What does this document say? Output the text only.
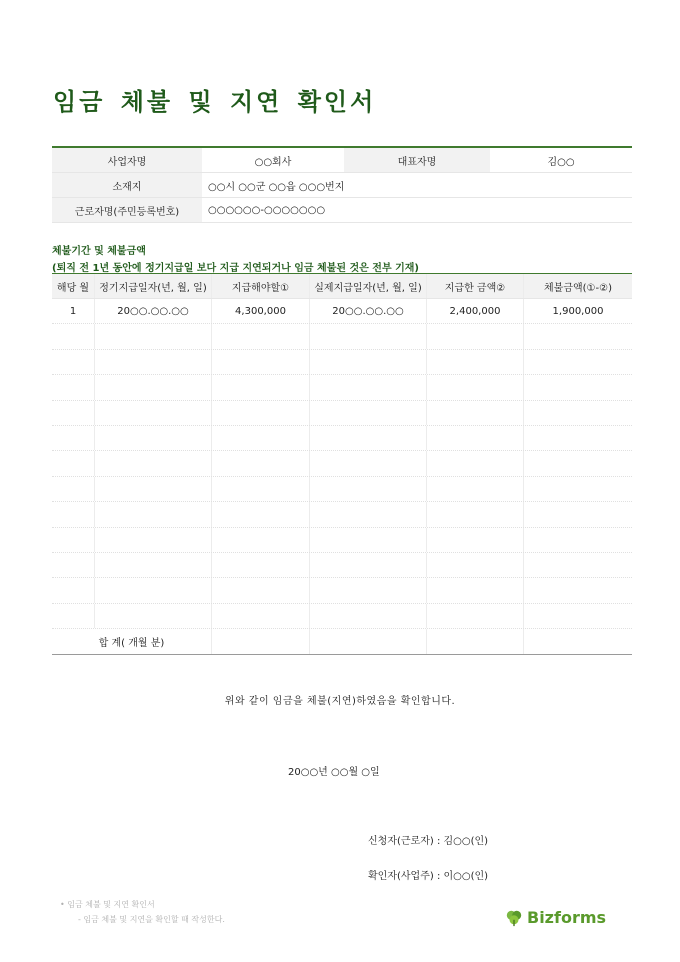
임금 체불 및 지연 확인서
사업자명	○○회사	대표자명	김○○
소재지	○○시 ○○군 ○○읍 ○○○번지
근로자명(주민등록번호)	○○○○○○-○○○○○○○
체불기간 및 체불금액
(퇴직 전 1년 동안에 정기지급일 보다 지급 지연되거나 임금 체불된 것은 전부 기재)
해당 월	정기지급일자(년, 월, 일)	지급해야할①	실제지급일자(년, 월, 일)	지급한 금액②	체불금액(①-②)
1	20○○.○○.○○	4,300,000	20○○.○○.○○	2,400,000	1,900,000
합 계( 개월 분)
위와 같이 임금을 체불(지연)하였음을 확인합니다.
20○○년 ○○월 ○일
신청자(근로자) : 김○○(인)
확인자(사업주) : 이○○(인)
• 임금 체불 및 지연 확인서
- 임금 체불 및 지연을 확인할 때 작성한다.	Bizforms
